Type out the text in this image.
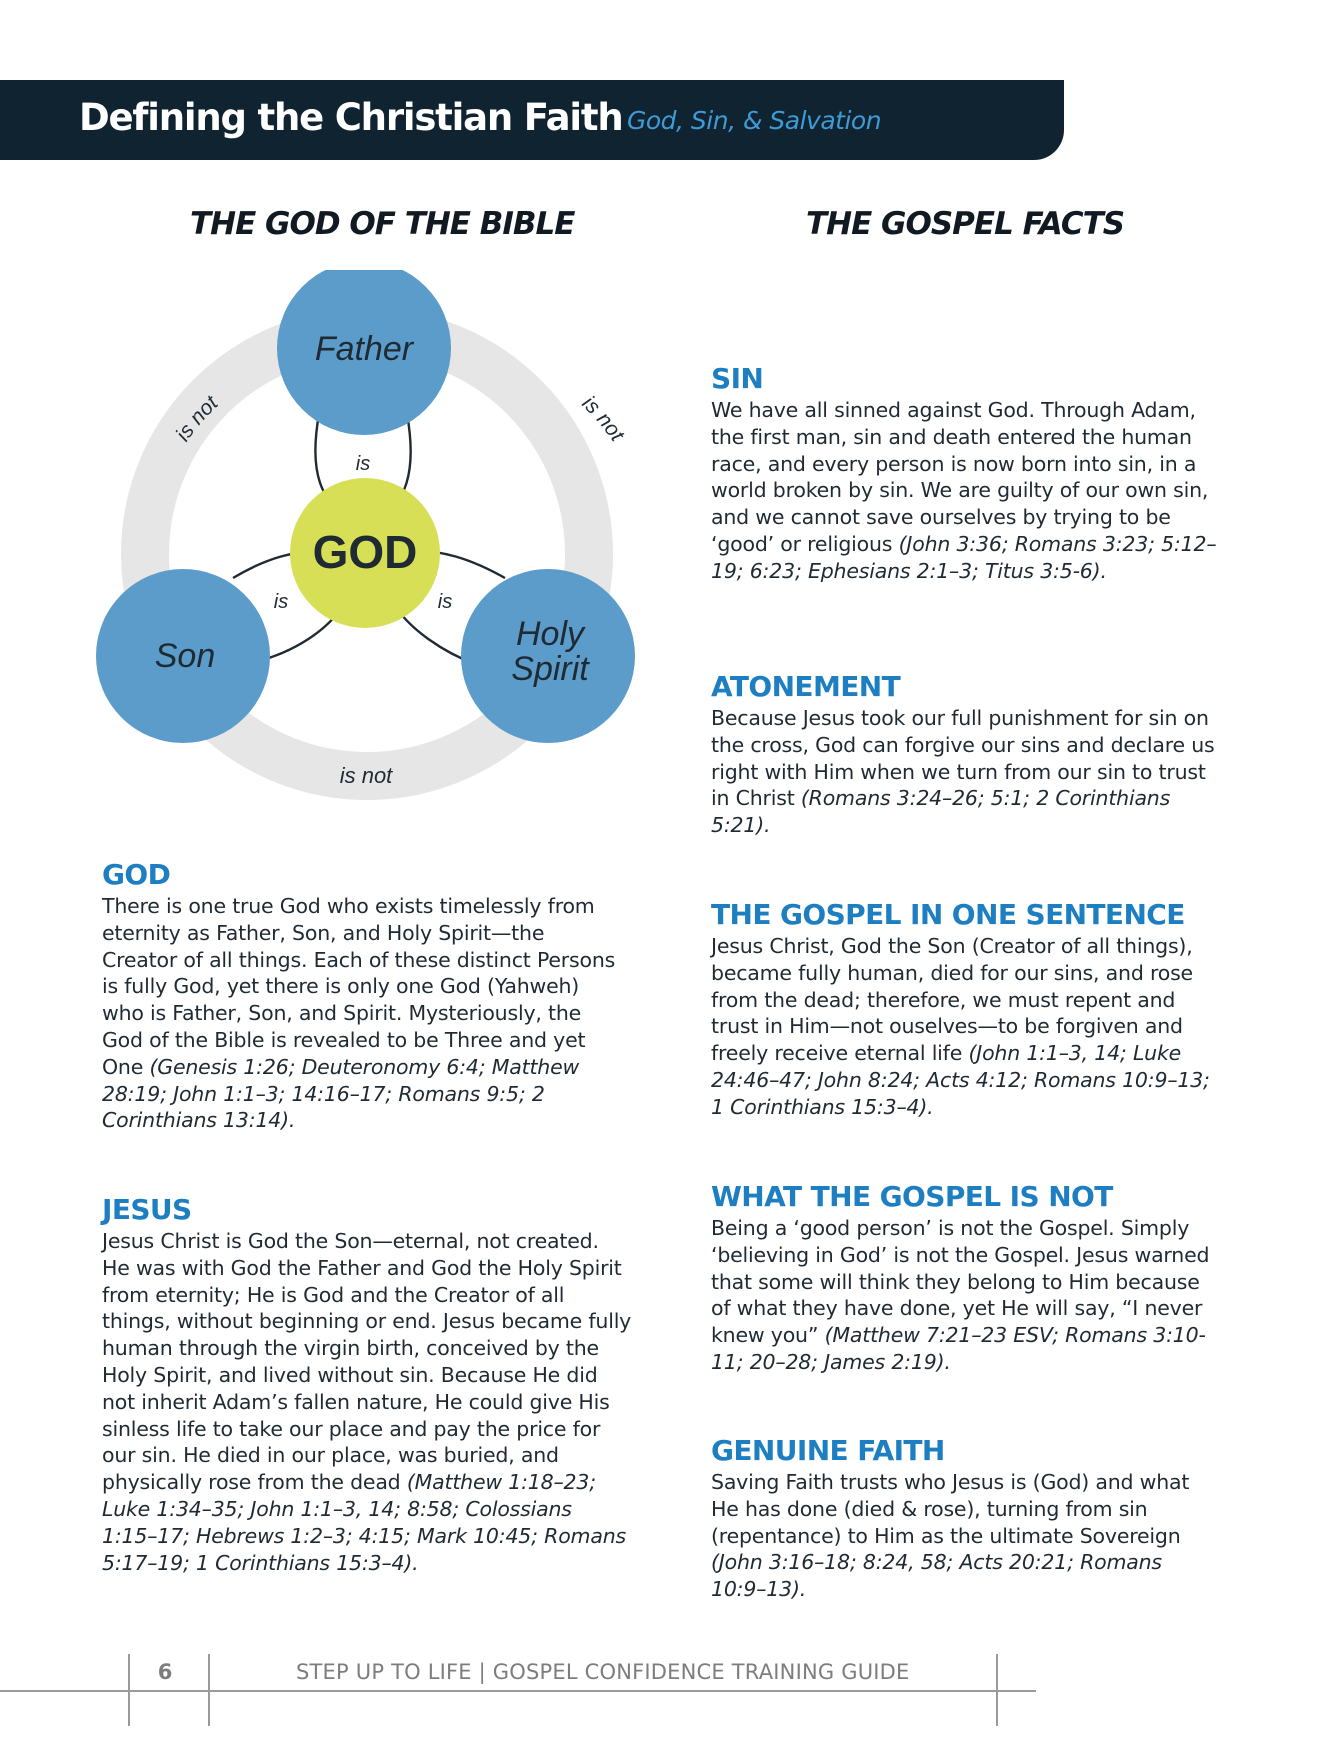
Defining the Christian Faith God, Sin, & Salvation
THE GOD OF THE BIBLE	THE GOSPEL FACTS
Father
Son
Holy
Spirit
GOD
is
is	is
is not	is not
is not
GOD
There is one true God who exists timelessly from eternity as Father, Son, and Holy Spirit—the Creator of all things. Each of these distinct Persons is fully God, yet there is only one God (Yahweh) who is Father, Son, and Spirit. Mysteriously, the God of the Bible is revealed to be Three and yet One (Genesis 1:26; Deuteronomy 6:4; Matthew 28:19; John 1:1–3; 14:16–17; Romans 9:5; 2 Corinthians 13:14).
JESUS
Jesus Christ is God the Son—eternal, not created. He was with God the Father and God the Holy Spirit from eternity; He is God and the Creator of all things, without beginning or end. Jesus became fully human through the virgin birth, conceived by the Holy Spirit, and lived without sin. Because He did not inherit Adam’s fallen nature, He could give His sinless life to take our place and pay the price for our sin. He died in our place, was buried, and physically rose from the dead (Matthew 1:18–23; Luke 1:34–35; John 1:1–3, 14; 8:58; Colossians 1:15–17; Hebrews 1:2–3; 4:15; Mark 10:45; Romans 5:17–19; 1 Corinthians 15:3–4).
SIN
We have all sinned against God. Through Adam, the first man, sin and death entered the human race, and every person is now born into sin, in a world broken by sin. We are guilty of our own sin, and we cannot save ourselves by trying to be ‘good’ or religious (John 3:36; Romans 3:23; 5:12–19; 6:23; Ephesians 2:1–3; Titus 3:5-6).
ATONEMENT
Because Jesus took our full punishment for sin on the cross, God can forgive our sins and declare us right with Him when we turn from our sin to trust in Christ (Romans 3:24–26; 5:1; 2 Corinthians 5:21).
THE GOSPEL IN ONE SENTENCE
Jesus Christ, God the Son (Creator of all things), became fully human, died for our sins, and rose from the dead; therefore, we must repent and trust in Him—not ouselves—to be forgiven and freely receive eternal life (John 1:1–3, 14; Luke 24:46–47; John 8:24; Acts 4:12; Romans 10:9–13; 1 Corinthians 15:3–4).
WHAT THE GOSPEL IS NOT
Being a ‘good person’ is not the Gospel. Simply ‘believing in God’ is not the Gospel. Jesus warned that some will think they belong to Him because of what they have done, yet He will say, “I never knew you” (Matthew 7:21–23 ESV; Romans 3:10-11; 20–28; James 2:19).
GENUINE FAITH
Saving Faith trusts who Jesus is (God) and what He has done (died & rose), turning from sin (repentance) to Him as the ultimate Sovereign (John 3:16–18; 8:24, 58; Acts 20:21; Romans 10:9–13).
6	STEP UP TO LIFE | GOSPEL CONFIDENCE TRAINING GUIDE
